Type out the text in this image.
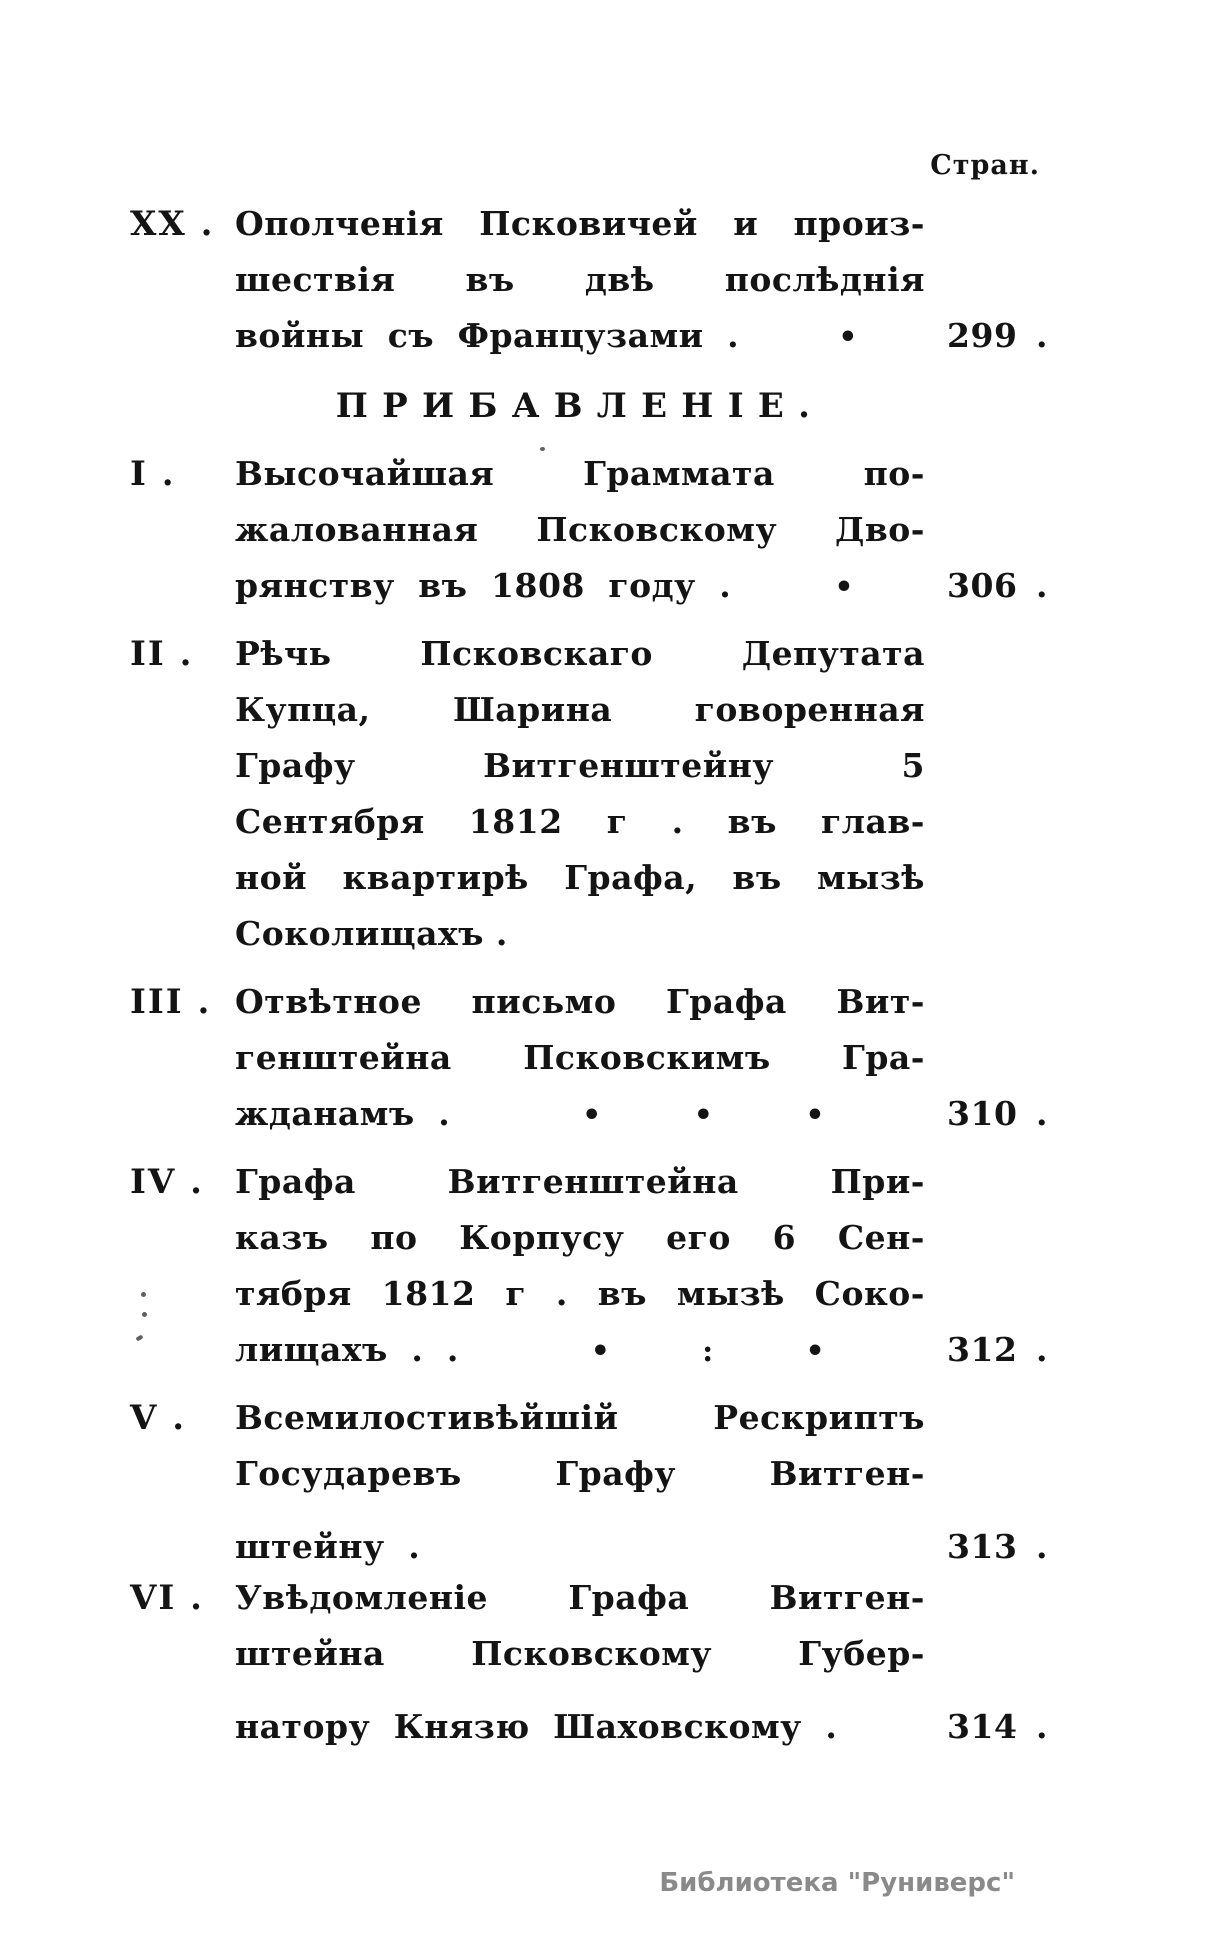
Стран.
XX . Ополченія Псковичей и произ-
шествія въ двѣ послѣднія
войны съ Французами .	•	299 .
ПРИБАВЛЕНІЕ.
I .	Высочайшая Граммата по-
жалованная Псковскому Дво-
рянству въ 1808 году .	•	306 .
II .	Рѣчь Псковскаго Депутата
Купца, Шарина говоренная
Графу Витгенштейну 5
Сентября 1812 г . въ глав-
ной квартирѣ Графа, въ мызѣ
Соколищахъ .
III . Отвѣтное письмо Графа Вит-
генштейна Псковскимъ Гра-
жданамъ .	•	•	•	310 .
IV . Графа Витгенштейна При-
казъ по Корпусу его 6 Сен-
тября 1812 г . въ мызѣ Соко-
лищахъ . .	•	:	•	312 .
V .	Всемилостивѣйшій Рескриптъ
Государевъ Графу Витген-
штейну .	313 .
VI . Увѣдомленіе Графа Витген-
штейна Псковскому Губер-
натору Князю Шаховскому .	314 .
Библиотека "Руниверс"
